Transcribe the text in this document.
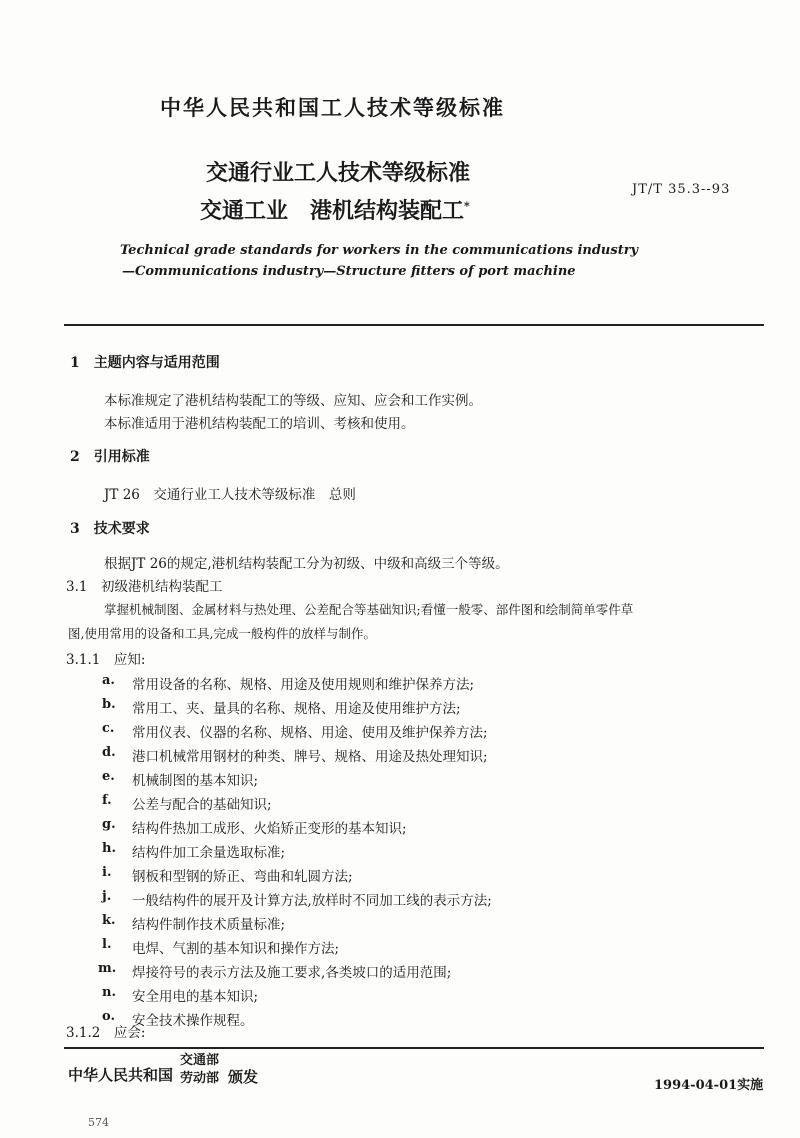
中华人民共和国工人技术等级标准
交通行业工人技术等级标准
交通工业　港机结构装配工*
JT/T 35.3--93
Technical grade standards for workers in the communications industry
—Communications industry—Structure fitters of port machine
1　主题内容与适用范围
本标准规定了港机结构装配工的等级、应知、应会和工作实例。
本标准适用于港机结构装配工的培训、考核和使用。
2　引用标准
JT 26　交通行业工人技术等级标准　总则
3　技术要求
根据JT 26的规定,港机结构装配工分为初级、中级和高级三个等级。
3.1　初级港机结构装配工
掌握机械制图、金属材料与热处理、公差配合等基础知识;看懂一般零、部件图和绘制简单零件草
图,使用常用的设备和工具,完成一般构件的放样与制作。
3.1.1　应知:
a.	常用设备的名称、规格、用途及使用规则和维护保养方法;
b.	常用工、夹、量具的名称、规格、用途及使用维护方法;
c.	常用仪表、仪器的名称、规格、用途、使用及维护保养方法;
d.	港口机械常用钢材的种类、牌号、规格、用途及热处理知识;
e.	机械制图的基本知识;
f.	公差与配合的基础知识;
g.	结构件热加工成形、火焰矫正变形的基本知识;
h.	结构件加工余量选取标准;
i.	钢板和型钢的矫正、弯曲和轧圆方法;
j.	一般结构件的展开及计算方法,放样时不同加工线的表示方法;
k.	结构件制作技术质量标准;
l.	电焊、气割的基本知识和操作方法;
m.	焊接符号的表示方法及施工要求,各类坡口的适用范围;
n.	安全用电的基本知识;
o.	安全技术操作规程。
3.1.2　应会:
中华人民共和国
交通部
劳动部 颁发	1994-04-01实施
574
